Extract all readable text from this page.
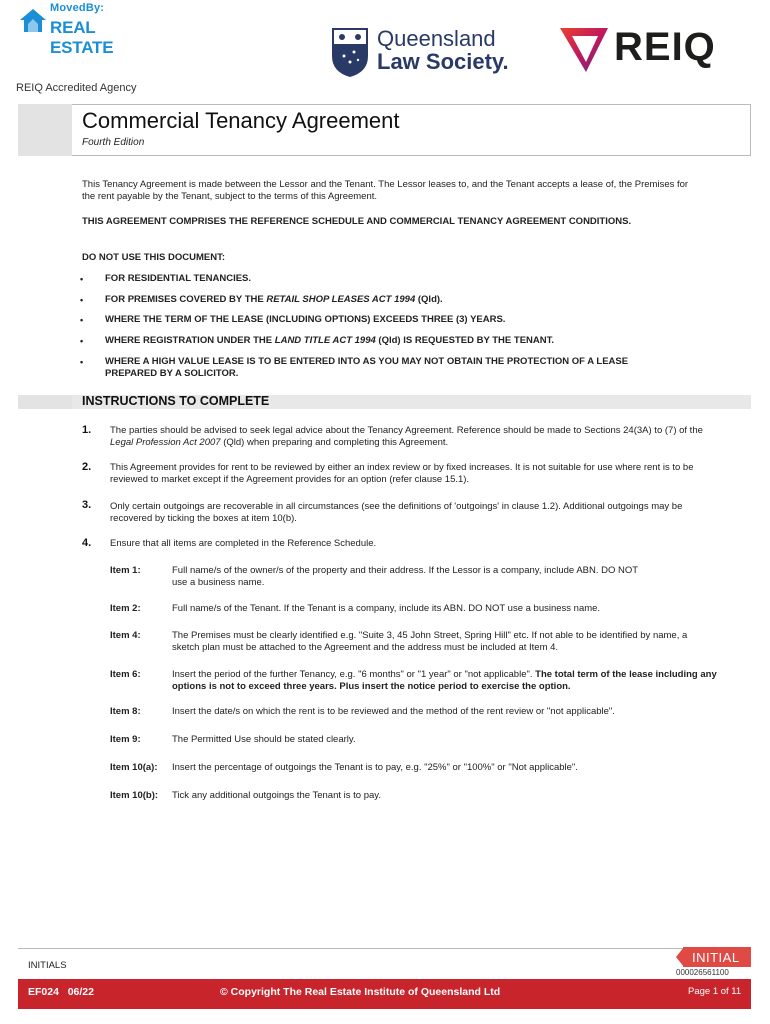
MovedBy:
REAL ESTATE	Queensland
Law Society.	REIQ
REIQ Accredited Agency
Commercial Tenancy Agreement
Fourth Edition
This Tenancy Agreement is made between the Lessor and the Tenant. The Lessor leases to, and the Tenant accepts a lease of, the Premises for the rent payable by the Tenant, subject to the terms of this Agreement.
THIS AGREEMENT COMPRISES THE REFERENCE SCHEDULE AND COMMERCIAL TENANCY AGREEMENT CONDITIONS.
DO NOT USE THIS DOCUMENT:
• FOR RESIDENTIAL TENANCIES.
• FOR PREMISES COVERED BY THE RETAIL SHOP LEASES ACT 1994 (Qld).
• WHERE THE TERM OF THE LEASE (INCLUDING OPTIONS) EXCEEDS THREE (3) YEARS.
• WHERE REGISTRATION UNDER THE LAND TITLE ACT 1994 (Qld) IS REQUESTED BY THE TENANT.
• WHERE A HIGH VALUE LEASE IS TO BE ENTERED INTO AS YOU MAY NOT OBTAIN THE PROTECTION OF A LEASE PREPARED BY A SOLICITOR.
INSTRUCTIONS TO COMPLETE
1. The parties should be advised to seek legal advice about the Tenancy Agreement. Reference should be made to Sections 24(3A) to (7) of the Legal Profession Act 2007 (Qld) when preparing and completing this Agreement.
2. This Agreement provides for rent to be reviewed by either an index review or by fixed increases. It is not suitable for use where rent is to be reviewed to market except if the Agreement provides for an option (refer clause 15.1).
3. Only certain outgoings are recoverable in all circumstances (see the definitions of 'outgoings' in clause 1.2). Additional outgoings may be recovered by ticking the boxes at item 10(b).
4. Ensure that all items are completed in the Reference Schedule.
Item 1:	Full name/s of the owner/s of the property and their address. If the Lessor is a company, include ABN. DO NOT use a business name.
Item 2:	Full name/s of the Tenant. If the Tenant is a company, include its ABN. DO NOT use a business name.
Item 4:	The Premises must be clearly identified e.g. "Suite 3, 45 John Street, Spring Hill" etc. If not able to be identified by name, a sketch plan must be attached to the Agreement and the address must be included at Item 4.
Item 6:	Insert the period of the further Tenancy, e.g. "6 months" or "1 year" or "not applicable". The total term of the lease including any options is not to exceed three years. Plus insert the notice period to exercise the option.
Item 8:	Insert the date/s on which the rent is to be reviewed and the method of the rent review or "not applicable".
Item 9:	The Permitted Use should be stated clearly.
Item 10(a): Insert the percentage of outgoings the Tenant is to pay, e.g. "25%" or "100%" or "Not applicable".
Item 10(b): Tick any additional outgoings the Tenant is to pay.
INITIALS
INITIAL
000026561100
EF024   06/22	© Copyright The Real Estate Institute of Queensland Ltd	Page 1 of 11
